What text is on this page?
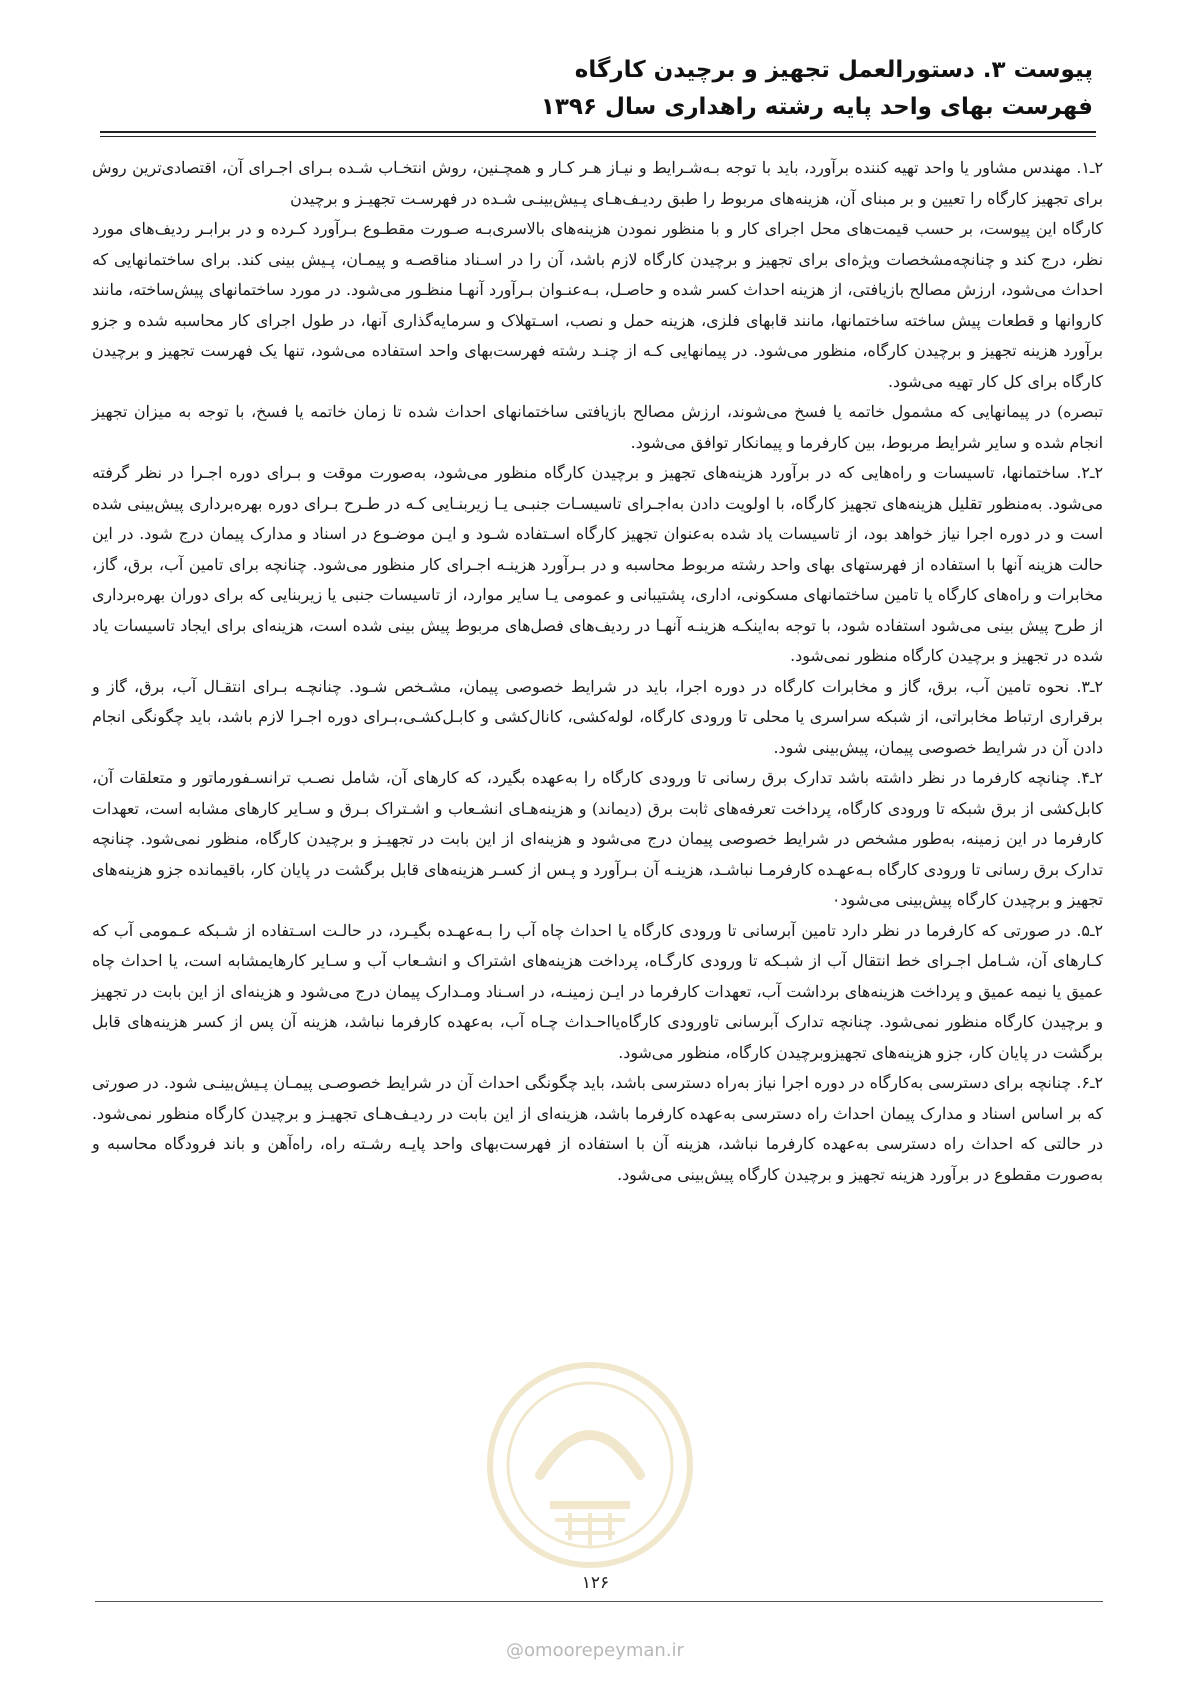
پیوست ۳. دستورالعمل تجهیز و برچیدن کارگاه
فهرست بهای واحد پایه رشته راهداری سال ۱۳۹۶

۲ـ۱. مهندس مشاور یا واحد تهیه کننده برآورد، باید با توجه بـه‌شـرایط و نیـاز هـر کـار و همچـنین، روش انتخـاب شـده بـرای اجـرای آن، اقتصادی‌ترین روش برای تجهیز کارگاه را تعیین و بر مبنای آن، هزینه‌های مربوط را طبق ردیـف‌هـای پـیش‌بینـی شـده در فهرسـت تجهیـز و برچیدن

کارگاه این پیوست، بر حسب قیمت‌های محل اجرای کار و با منظور نمودن هزینه‌های بالاسری‌بـه صـورت مقطـوع بـرآورد کـرده و در برابـر ردیف‌های مورد نظر، درج کند و چنانچه‌مشخصات ویژه‌ای برای تجهیز و برچیدن کارگاه لازم باشد، آن را در اسـناد مناقصـه و پیمـان، پـیش بینی کند. برای ساختمانهایی که احداث می‌شود، ارزش مصالح بازیافتی، از هزینه احداث کسر شده و حاصـل، بـه‌عنـوان بـرآورد آنهـا منظـور می‌شود. در مورد ساختمانهای پیش‌ساخته، مانند کاروانها و قطعات پیش ساخته ساختمانها، مانند قابهای فلزی، هزینه حمل و نصب، اسـتهلاک و سرمایه‌گذاری آنها، در طول اجرای کار محاسبه شده و جزو برآورد هزینه تجهیز و برچیدن کارگاه، منظور می‌شود. در پیمانهایی کـه از چنـد رشته فهرست‌بهای واحد استفاده می‌شود، تنها یک فهرست تجهیز و برچیدن کارگاه برای کل کار تهیه می‌شود.

تبصره) در پیمانهایی که مشمول خاتمه یا فسخ می‌شوند، ارزش مصالح بازیافتی ساختمانهای احداث شده تا زمان خاتمه یا فسخ، با توجه به میزان تجهیز انجام شده و سایر شرایط مربوط، بین کارفرما و پیمانکار توافق می‌شود.

۲ـ۲. ساختمانها، تاسیسات و راه‌هایی که در برآورد هزینه‌های تجهیز و برچیدن کارگاه منظور می‌شود، به‌صورت موقت و بـرای دوره اجـرا در نظر گرفته می‌شود. به‌منظور تقلیل هزینه‌های تجهیز کارگاه، با اولویت دادن به‌اجـرای تاسیسـات جنبـی یـا زیربنـایی کـه در طـرح بـرای دوره بهره‌برداری پیش‌بینی شده است و در دوره اجرا نیاز خواهد بود، از تاسیسات یاد شده به‌عنوان تجهیز کارگاه اسـتفاده شـود و ایـن موضـوع در اسناد و مدارک پیمان درج شود. در این حالت هزینه آنها با استفاده از فهرستهای بهای واحد رشته مربوط محاسبه و در بـرآورد هزینـه اجـرای کار منظور می‌شود. چنانچه برای تامین آب، برق، گاز، مخابرات و راه‌های کارگاه یا تامین ساختمانهای مسکونی، اداری، پشتیبانی و عمومی یـا سایر موارد، از تاسیسات جنبی یا زیربنایی که برای دوران بهره‌برداری از طرح پیش بینی می‌شود استفاده شود، با توجه به‌اینکـه هزینـه آنهـا در ردیف‌های فصل‌های مربوط پیش بینی شده است، هزینه‌ای برای ایجاد تاسیسات یاد شده در تجهیز و برچیدن کارگاه منظور نمی‌شود.

۲ـ۳. نحوه تامین آب، برق، گاز و مخابرات کارگاه در دوره اجرا، باید در شرایط خصوصی پیمان، مشـخص شـود. چنانچـه بـرای انتقـال آب، برق، گاز و برقراری ارتباط مخابراتی، از شبکه سراسری یا محلی تا ورودی کارگاه، لوله‌کشی، کانال‌کشی و کابـل‌کشـی،بـرای دوره اجـرا لازم باشد، باید چگونگی انجام دادن آن در شرایط خصوصی پیمان، پیش‌بینی شود.

۲ـ۴. چنانچه کارفرما در نظر داشته باشد تدارک برق رسانی تا ورودی کارگاه را به‌عهده بگیرد، که کارهای آن، شامل نصـب ترانسـفورماتور و متعلقات آن، کابل‌کشی از برق شبکه تا ورودی کارگاه، پرداخت تعرفه‌های ثابت برق (دیماند) و هزینه‌هـای انشـعاب و اشـتراک بـرق و سـایر کارهای مشابه است، تعهدات کارفرما در این زمینه، به‌طور مشخص در شرایط خصوصی پیمان درج می‌شود و هزینه‌ای از این بابت در تجهیـز و برچیدن کارگاه، منظور نمی‌شود. چنانچه تدارک برق رسانی تا ورودی کارگاه بـه‌عهـده کارفرمـا نباشـد، هزینـه آن بـرآورد و پـس از کسـر هزینه‌های قابل برگشت در پایان کار، باقیمانده جزو هزینه‌های تجهیز و برچیدن کارگاه پیش‌بینی می‌شود٠

۲ـ۵. در صورتی که کارفرما در نظر دارد تامین آبرسانی تا ورودی کارگاه یا احداث چاه آب را بـه‌عهـده بگیـرد، در حالـت اسـتفاده از شـبکه عـمومی آب که کـارهای آن، شـامل اجـرای خط انتقال آب از شبـکه تا ورودی کارگـاه، پرداخت هزینه‌های اشتراک و انشـعاب آب و سـایر کارهایمشابه است، یا احداث چاه عمیق یا نیمه عمیق و پرداخت هزینه‌های برداشت آب، تعهدات کارفرما در ایـن زمینـه، در اسـناد ومـدارک پیمان درج می‌شود و هزینه‌ای از این بابت در تجهیز و برچیدن کارگاه منظور نمی‌شود. چنانچه تدارک آبرسانی تاورودی کارگاه‌یااحـداث چـاه آب، به‌عهده کارفرما نباشد، هزینه آن پس از کسر هزینه‌های قابل برگشت در پایان کار، جزو هزینه‌های تجهیزوبرچیدن کارگاه، منظور می‌شود.

۲ـ۶. چنانچه برای دسترسی به‌کارگاه در دوره اجرا نیاز به‌راه دسترسی باشد، باید چگونگی احداث آن در شرایط خصوصـی پیمـان پـیش‌بینـی شود. در صورتی که بر اساس اسناد و مدارک پیمان احداث راه دسترسی به‌عهده کارفرما باشد، هزینه‌ای از این بابت در ردیـف‌هـای تجهیـز و برچیدن کارگاه منظور نمی‌شود. در حالتی که احداث راه دسترسی به‌عهده کارفرما نباشد، هزینه آن با استفاده از فهرست‌بهای واحد پایـه رشـته راه، راه‌آهن و باند فرودگاه محاسبه و به‌صورت مقطوع در برآورد هزینه تجهیز و برچیدن کارگاه پیش‌بینی می‌شود.

۱۲۶
@omoorepeyman.ir
